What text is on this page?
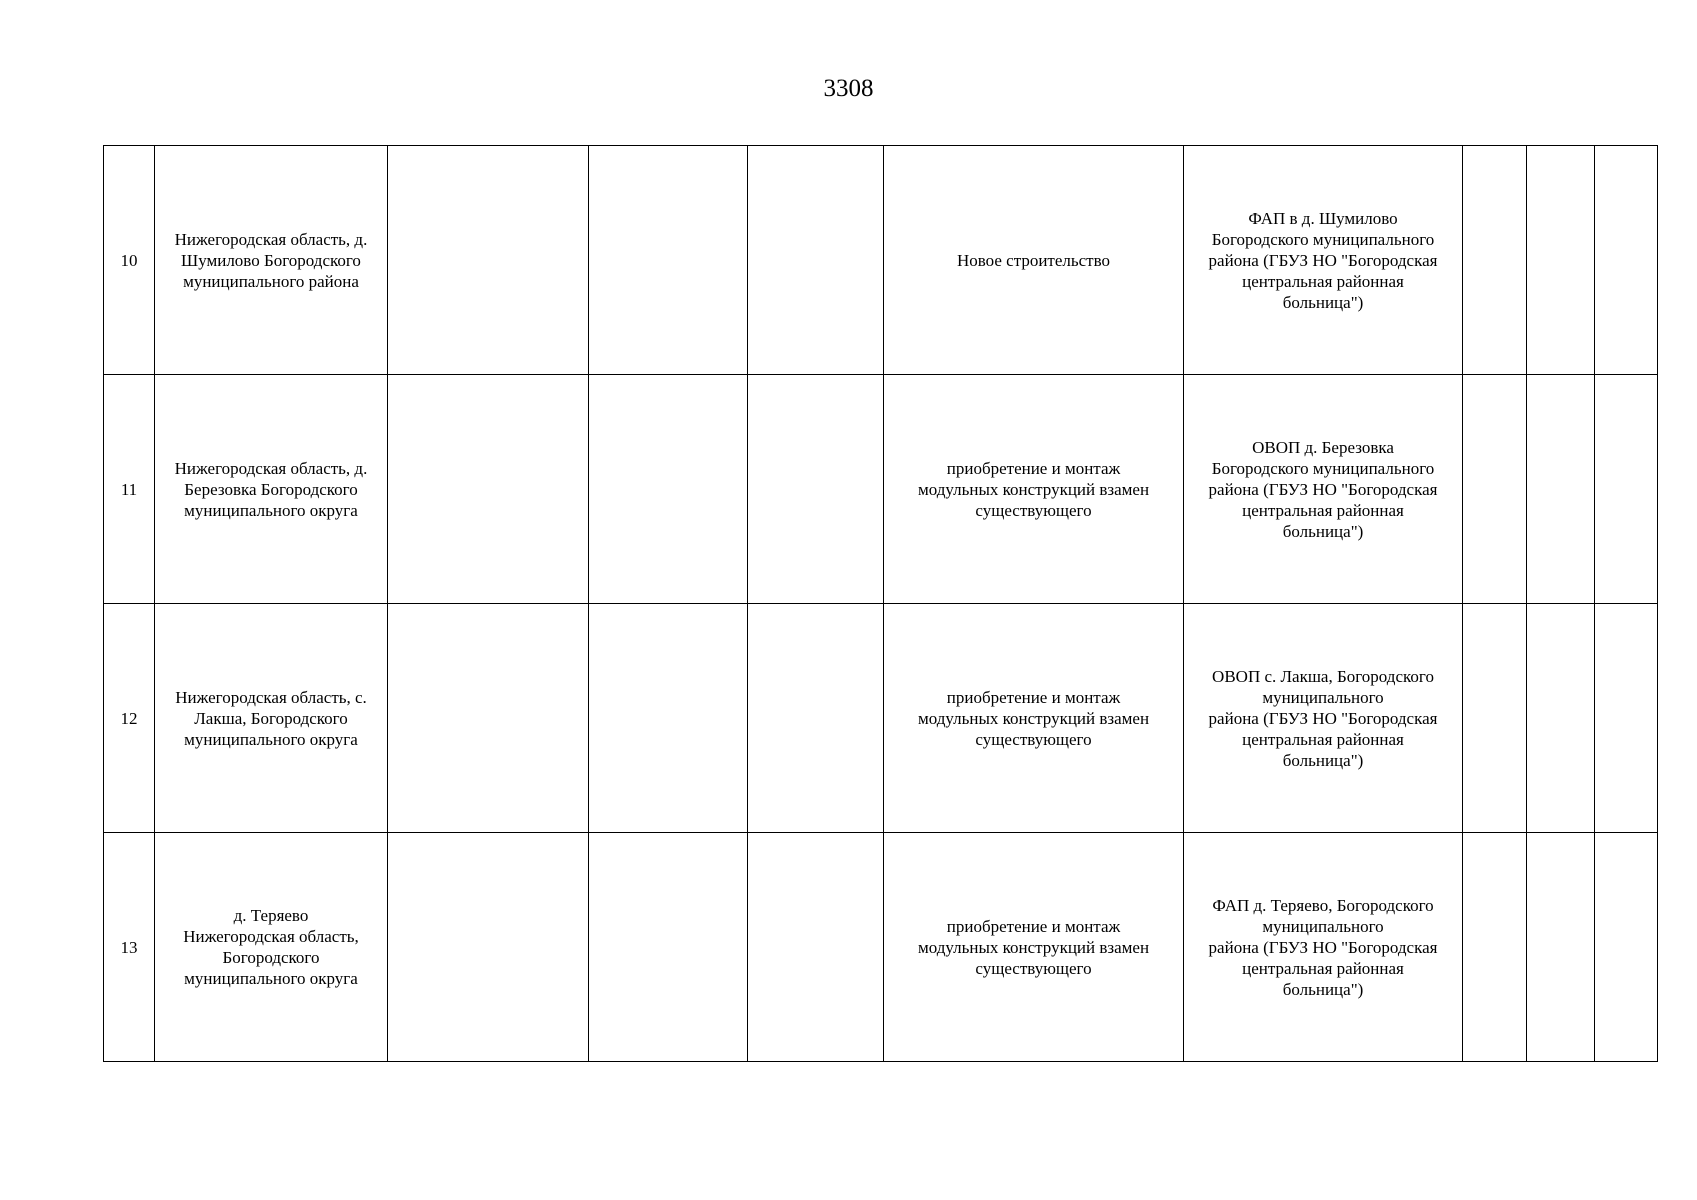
3308
10	Нижегородская область, д.
Шумилово Богородского
муниципального района				Новое строительство	ФАП в д. Шумилово
Богородского муниципального
района (ГБУЗ НО "Богородская
центральная районная
больница")			
11	Нижегородская область, д.
Березовка Богородского
муниципального округа				приобретение и монтаж
модульных конструкций взамен
существующего	ОВОП д. Березовка
Богородского муниципального
района (ГБУЗ НО "Богородская
центральная районная
больница")			
12	Нижегородская область, с.
Лакша, Богородского
муниципального округа				приобретение и монтаж
модульных конструкций взамен
существующего	ОВОП с. Лакша, Богородского
муниципального
района (ГБУЗ НО "Богородская
центральная районная
больница")			
13	д. Теряево
Нижегородская область,
Богородского
муниципального округа				приобретение и монтаж
модульных конструкций взамен
существующего	ФАП д. Теряево, Богородского
муниципального
района (ГБУЗ НО "Богородская
центральная районная
больница")			
